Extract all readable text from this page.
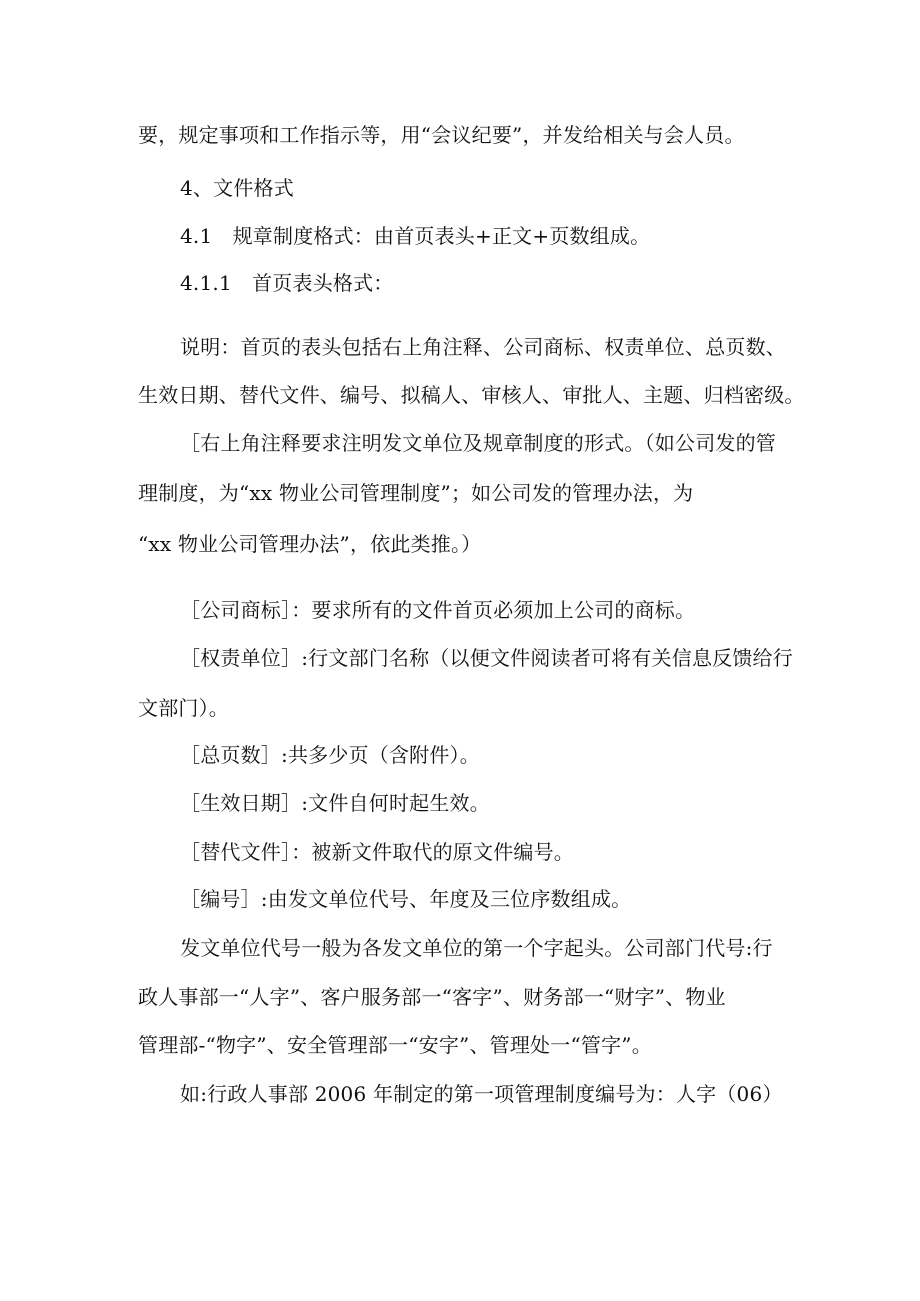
要，规定事项和工作指示等，用“会议纪要”，并发给相关与会人员。
4、文件格式
4.1　规章制度格式：由首页表头+正文+页数组成。
4.1.1　首页表头格式：
说明：首页的表头包括右上角注释、公司商标、权责单位、总页数、
生效日期、替代文件、编号、拟稿人、审核人、审批人、主题、归档密级。
［右上角注释要求注明发文单位及规章制度的形式。（如公司发的管
理制度，为“xx 物业公司管理制度”；如公司发的管理办法，为
“xx 物业公司管理办法”，依此类推。）
［公司商标］：要求所有的文件首页必须加上公司的商标。
［权责单位］:行文部门名称（以便文件阅读者可将有关信息反馈给行
文部门）。
［总页数］:共多少页（含附件）。
［生效日期］:文件自何时起生效。
［替代文件］：被新文件取代的原文件编号。
［编号］:由发文单位代号、年度及三位序数组成。
发文单位代号一般为各发文单位的第一个字起头。公司部门代号:行
政人事部一“人字”、客户服务部一“客字”、财务部一“财字”、物业
管理部-“物字”、安全管理部一“安字”、管理处一“管字”。
如:行政人事部 2006 年制定的第一项管理制度编号为：人字（06）
